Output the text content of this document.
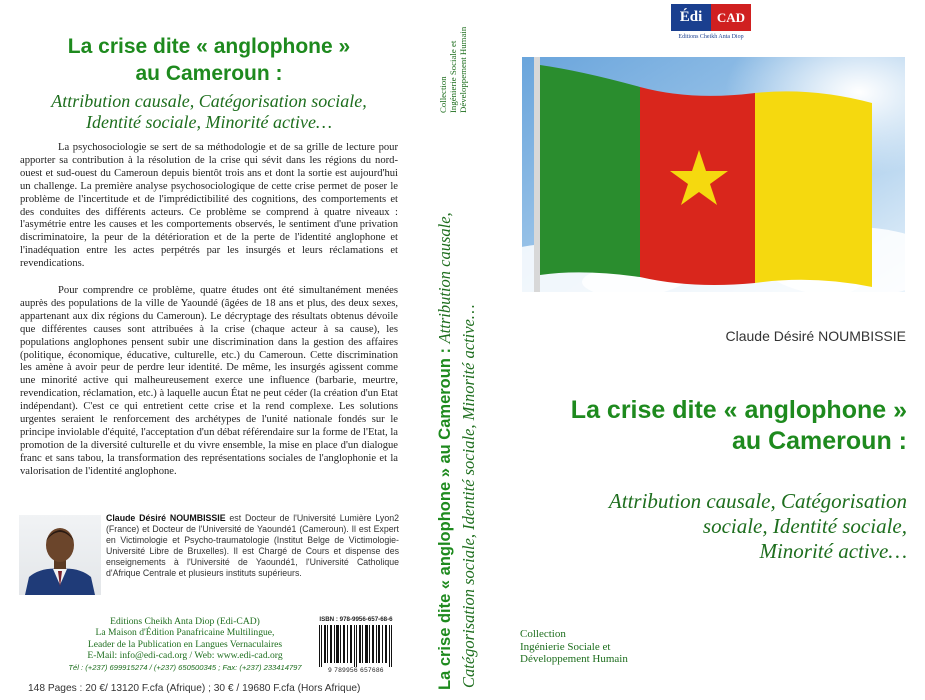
La crise dite « anglophone »
au Cameroun :
Attribution causale, Catégorisation sociale,
Identité sociale, Minorité active…

La psychosociologie se sert de sa méthodologie et de sa grille de lecture pour apporter sa contribution à la résolution de la crise qui sévit dans les régions du nord-ouest et sud-ouest du Cameroun depuis bientôt trois ans et dont la sortie est aujourd'hui un challenge. La première analyse psychosociologique de cette crise permet de poser le problème de l'incertitude et de l'imprédictibilité des cognitions, des comportements et des conduites des différents acteurs. Ce problème se comprend à quatre niveaux : l'asymétrie entre les causes et les comportements observés, le sentiment d'une privation discriminatoire, la peur de la détérioration et de la perte de l'identité anglophone et l'inadéquation entre les actes perpétrés par les insurgés et leurs réclamations et revendications.

Pour comprendre ce problème, quatre études ont été simultanément menées auprès des populations de la ville de Yaoundé (âgées de 18 ans et plus, des deux sexes, appartenant aux dix régions du Cameroun). Le décryptage des résultats obtenus dévoile que différentes causes sont attribuées à la crise (chaque acteur à sa cause), les populations anglophones pensent subir une discrimination dans la gestion des affaires (politique, économique, éducative, culturelle, etc.) du Cameroun. Cette discrimination les amène à avoir peur de perdre leur identité. De même, les insurgés agissent comme une minorité active qui malheureusement exerce une influence (barbarie, meurtre, revendication, réclamation, etc.) à laquelle aucun État ne peut céder (la création d'un Etat indépendant). C'est ce qui entretient cette crise et la rend complexe. Les solutions urgentes seraient le renforcement des archétypes de l'unité nationale fondés sur le principe inviolable d'équité, l'acceptation d'un débat référendaire sur la forme de l'Etat, la promotion de la diversité culturelle et du vivre ensemble, la mise en place d'un dialogue franc et sans tabou, la transformation des représentations sociales de l'anglophonie et la valorisation de l'identité anglophone.

Claude Désiré NOUMBISSIE est Docteur de l'Université Lumière Lyon2 (France) et Docteur de l'Université de Yaoundé1 (Cameroun). Il est Expert en Victimologie et Psycho-traumatologie (Institut Belge de Victimologie-Université Libre de Bruxelles). Il est Chargé de Cours et dispense des enseignements à l'Université de Yaoundé1, l'Université Catholique d'Afrique Centrale et plusieurs instituts supérieurs.
Editions Cheikh Anta Diop (Edi-CAD)
La Maison d'Édition Panafricaine Multilingue,
Leader de la Publication en Langues Vernaculaires
E-Mail: info@edi-cad.org / Web: www.edi-cad.org
Tél : (+237) 699915274 / (+237) 650500345 ; Fax: (+237) 233414797
ISBN : 978-9956-657-68-6
9 789956 657686
148 Pages : 20 €/ 13120 F.cfa (Afrique) ; 30 € / 19680 F.cfa (Hors Afrique)
Collection Ingénierie Sociale et Développement Humain
La crise dite « anglophone » au Cameroun : Attribution causale,
Catégorisation sociale, Identité sociale, Minorité active…
Édi	CAD
Editions Cheikh Anta Diop
Claude Désiré NOUMBISSIE
La crise dite « anglophone »
au Cameroun :
Attribution causale, Catégorisation
sociale, Identité sociale,
Minorité active…
Collection
Ingénierie Sociale et
Développement Humain
